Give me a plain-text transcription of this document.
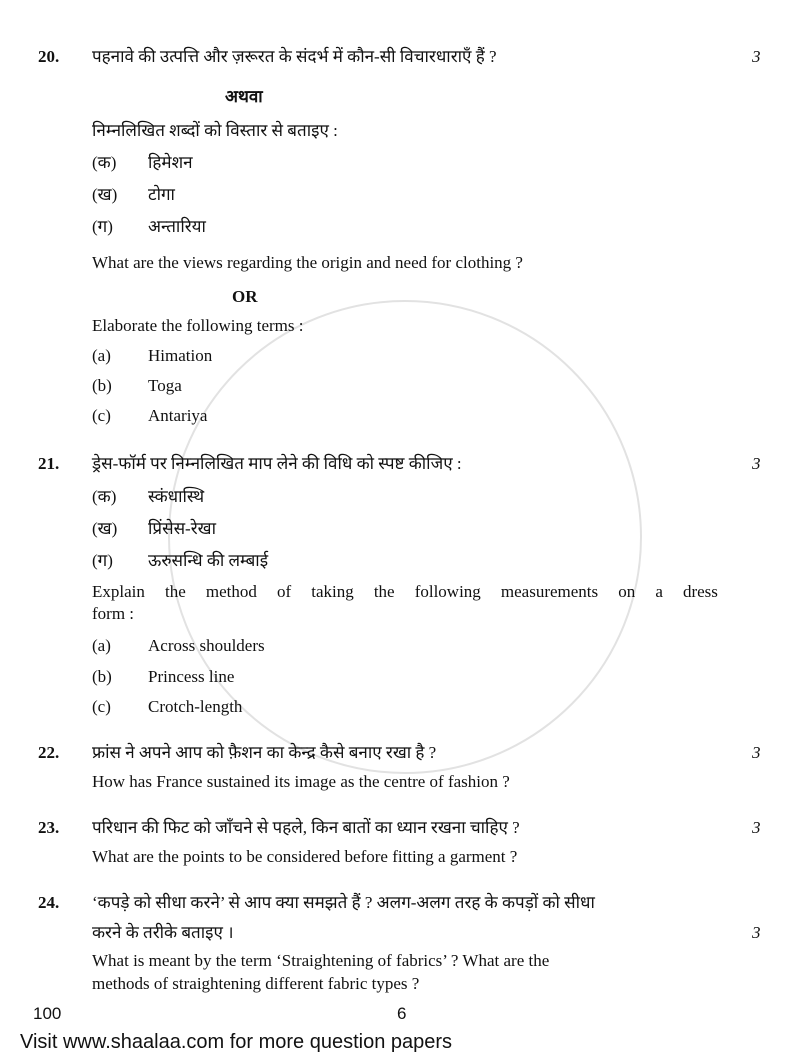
20. पहनावे की उत्पत्ति और ज़रूरत के संदर्भ में कौन-सी विचारधाराएँ हैं ?	3
अथवा
निम्नलिखित शब्दों को विस्तार से बताइए :
(क) हिमेशन
(ख) टोगा
(ग) अन्तारिया
What are the views regarding the origin and need for clothing ?
OR
Elaborate the following terms :
(a) Himation
(b) Toga
(c) Antariya
21. ड्रेस-फॉर्म पर निम्नलिखित माप लेने की विधि को स्पष्ट कीजिए :	3
(क) स्कंधास्थि
(ख) प्रिंसेस-रेखा
(ग) ऊरुसन्धि की लम्बाई
Explain the method of taking the following measurements on a dress
form :
(a) Across shoulders
(b) Princess line
(c) Crotch-length
22. फ्रांस ने अपने आप को फ़ैशन का केन्द्र कैसे बनाए रखा है ?	3
How has France sustained its image as the centre of fashion ?
23. परिधान की फिट को जाँचने से पहले, किन बातों का ध्यान रखना चाहिए ?	3
What are the points to be considered before fitting a garment ?
24. ‘कपड़े को सीधा करने’ से आप क्या समझते हैं ? अलग-अलग तरह के कपड़ों को सीधा
करने के तरीके बताइए ।	3
What is meant by the term ‘Straightening of fabrics’ ? What are the
methods of straightening different fabric types ?
100	6
Visit www.shaalaa.com for more question papers
